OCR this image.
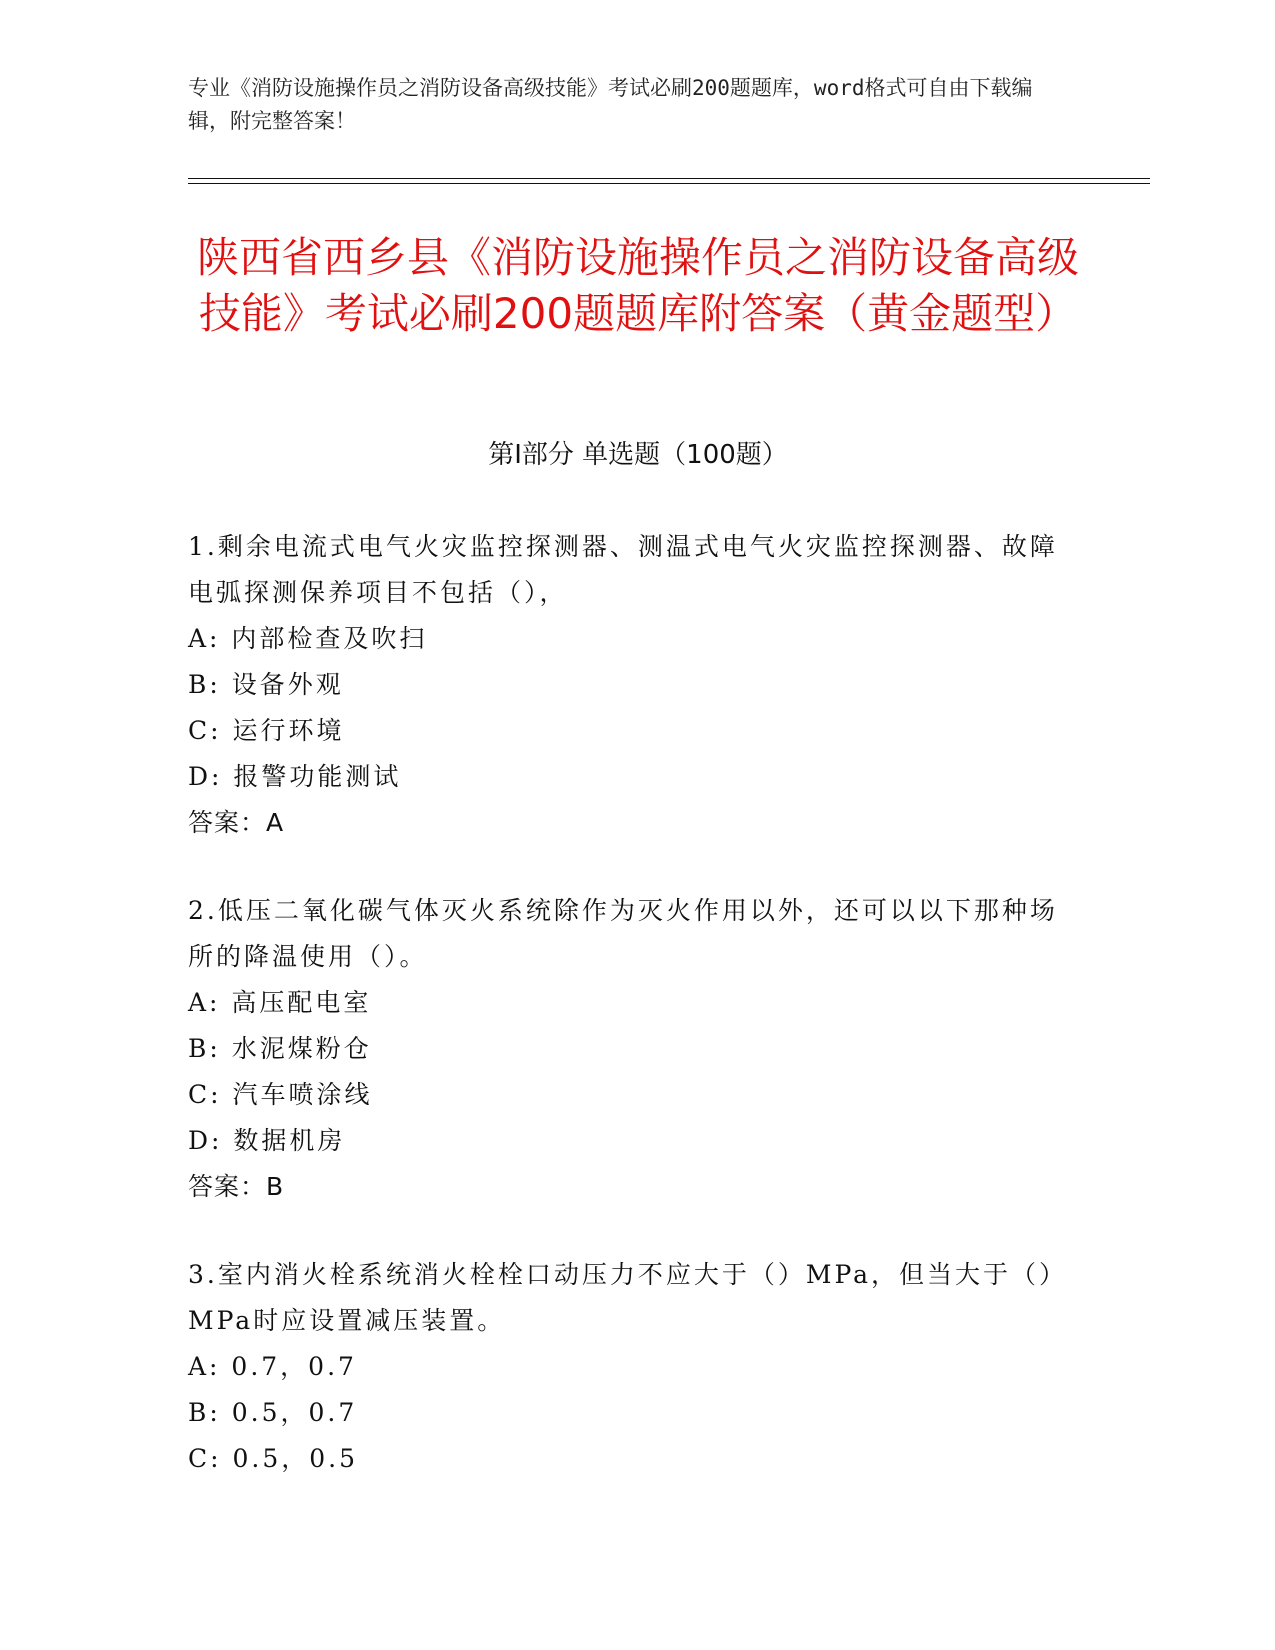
专业《消防设施操作员之消防设备高级技能》考试必刷200题题库，word格式可自由下载编辑，附完整答案！
陕西省西乡县《消防设施操作员之消防设备高级技能》考试必刷200题题库附答案（黄金题型）
第Ⅰ部分 单选题（100题）

1.剩余电流式电气火灾监控探测器、测温式电气火灾监控探测器、故障电弧探测保养项目不包括（），

A: 内部检查及吹扫

B: 设备外观

C: 运行环境

D: 报警功能测试

答案：A

2.低压二氧化碳气体灭火系统除作为灭火作用以外，还可以以下那种场所的降温使用（）。

A: 高压配电室

B: 水泥煤粉仓

C: 汽车喷涂线

D: 数据机房

答案：B

3.室内消火栓系统消火栓栓口动压力不应大于（）MPa，但当大于（）MPa时应设置减压装置。

A: 0.7，0.7

B: 0.5，0.7

C: 0.5，0.5
